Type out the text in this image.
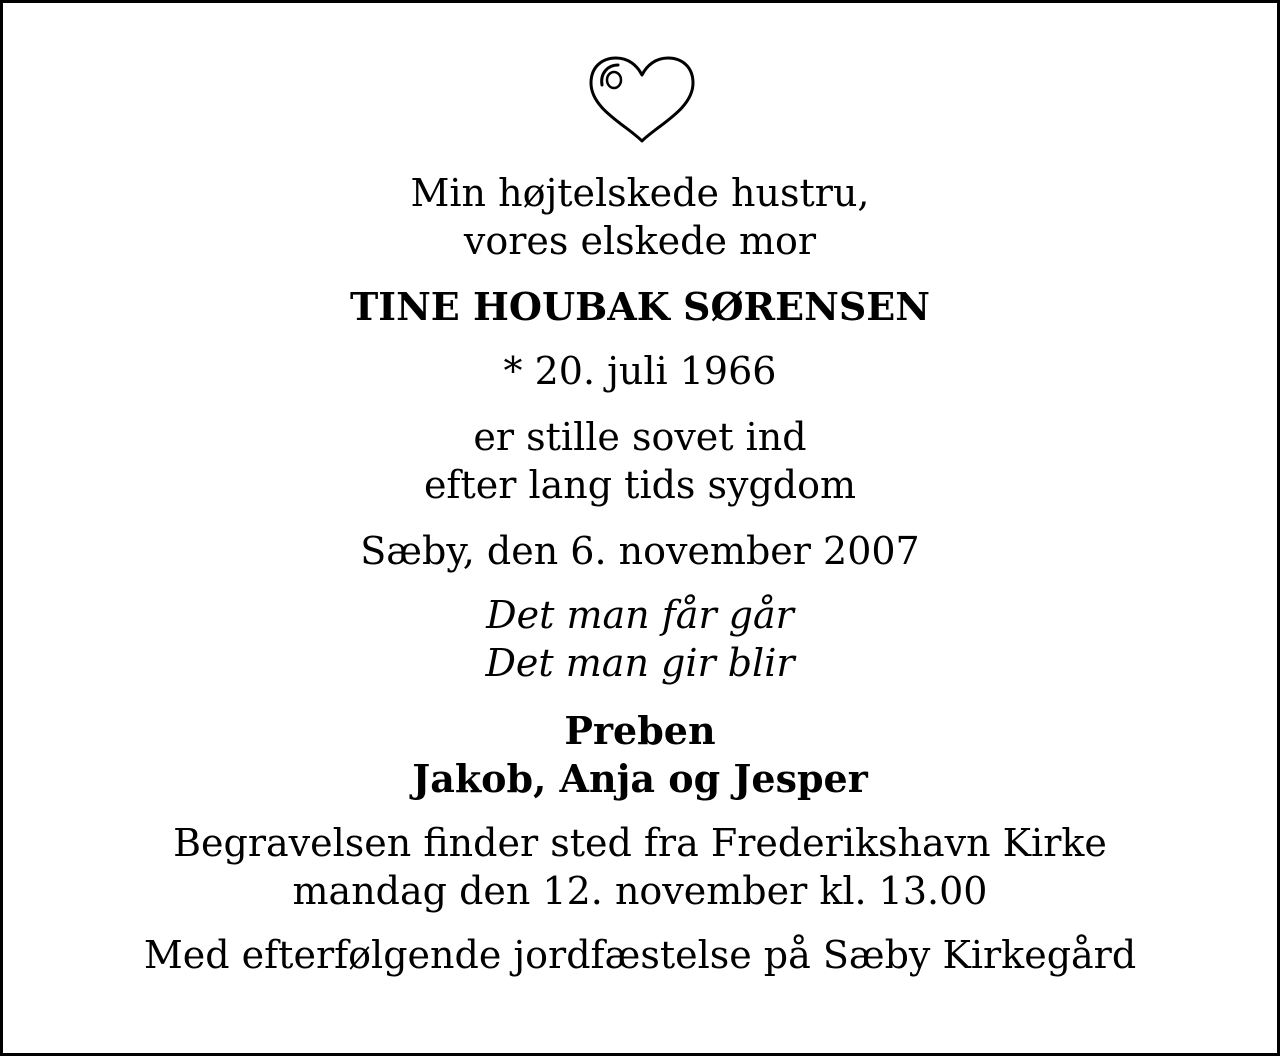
Min højtelskede hustru,
vores elskede mor
TINE HOUBAK SØRENSEN
* 20. juli 1966
er stille sovet ind
efter lang tids sygdom
Sæby, den 6. november 2007
Det man får går
Det man gir blir
Preben
Jakob, Anja og Jesper
Begravelsen finder sted fra Frederikshavn Kirke
mandag den 12. november kl. 13.00
Med efterfølgende jordfæstelse på Sæby Kirkegård
